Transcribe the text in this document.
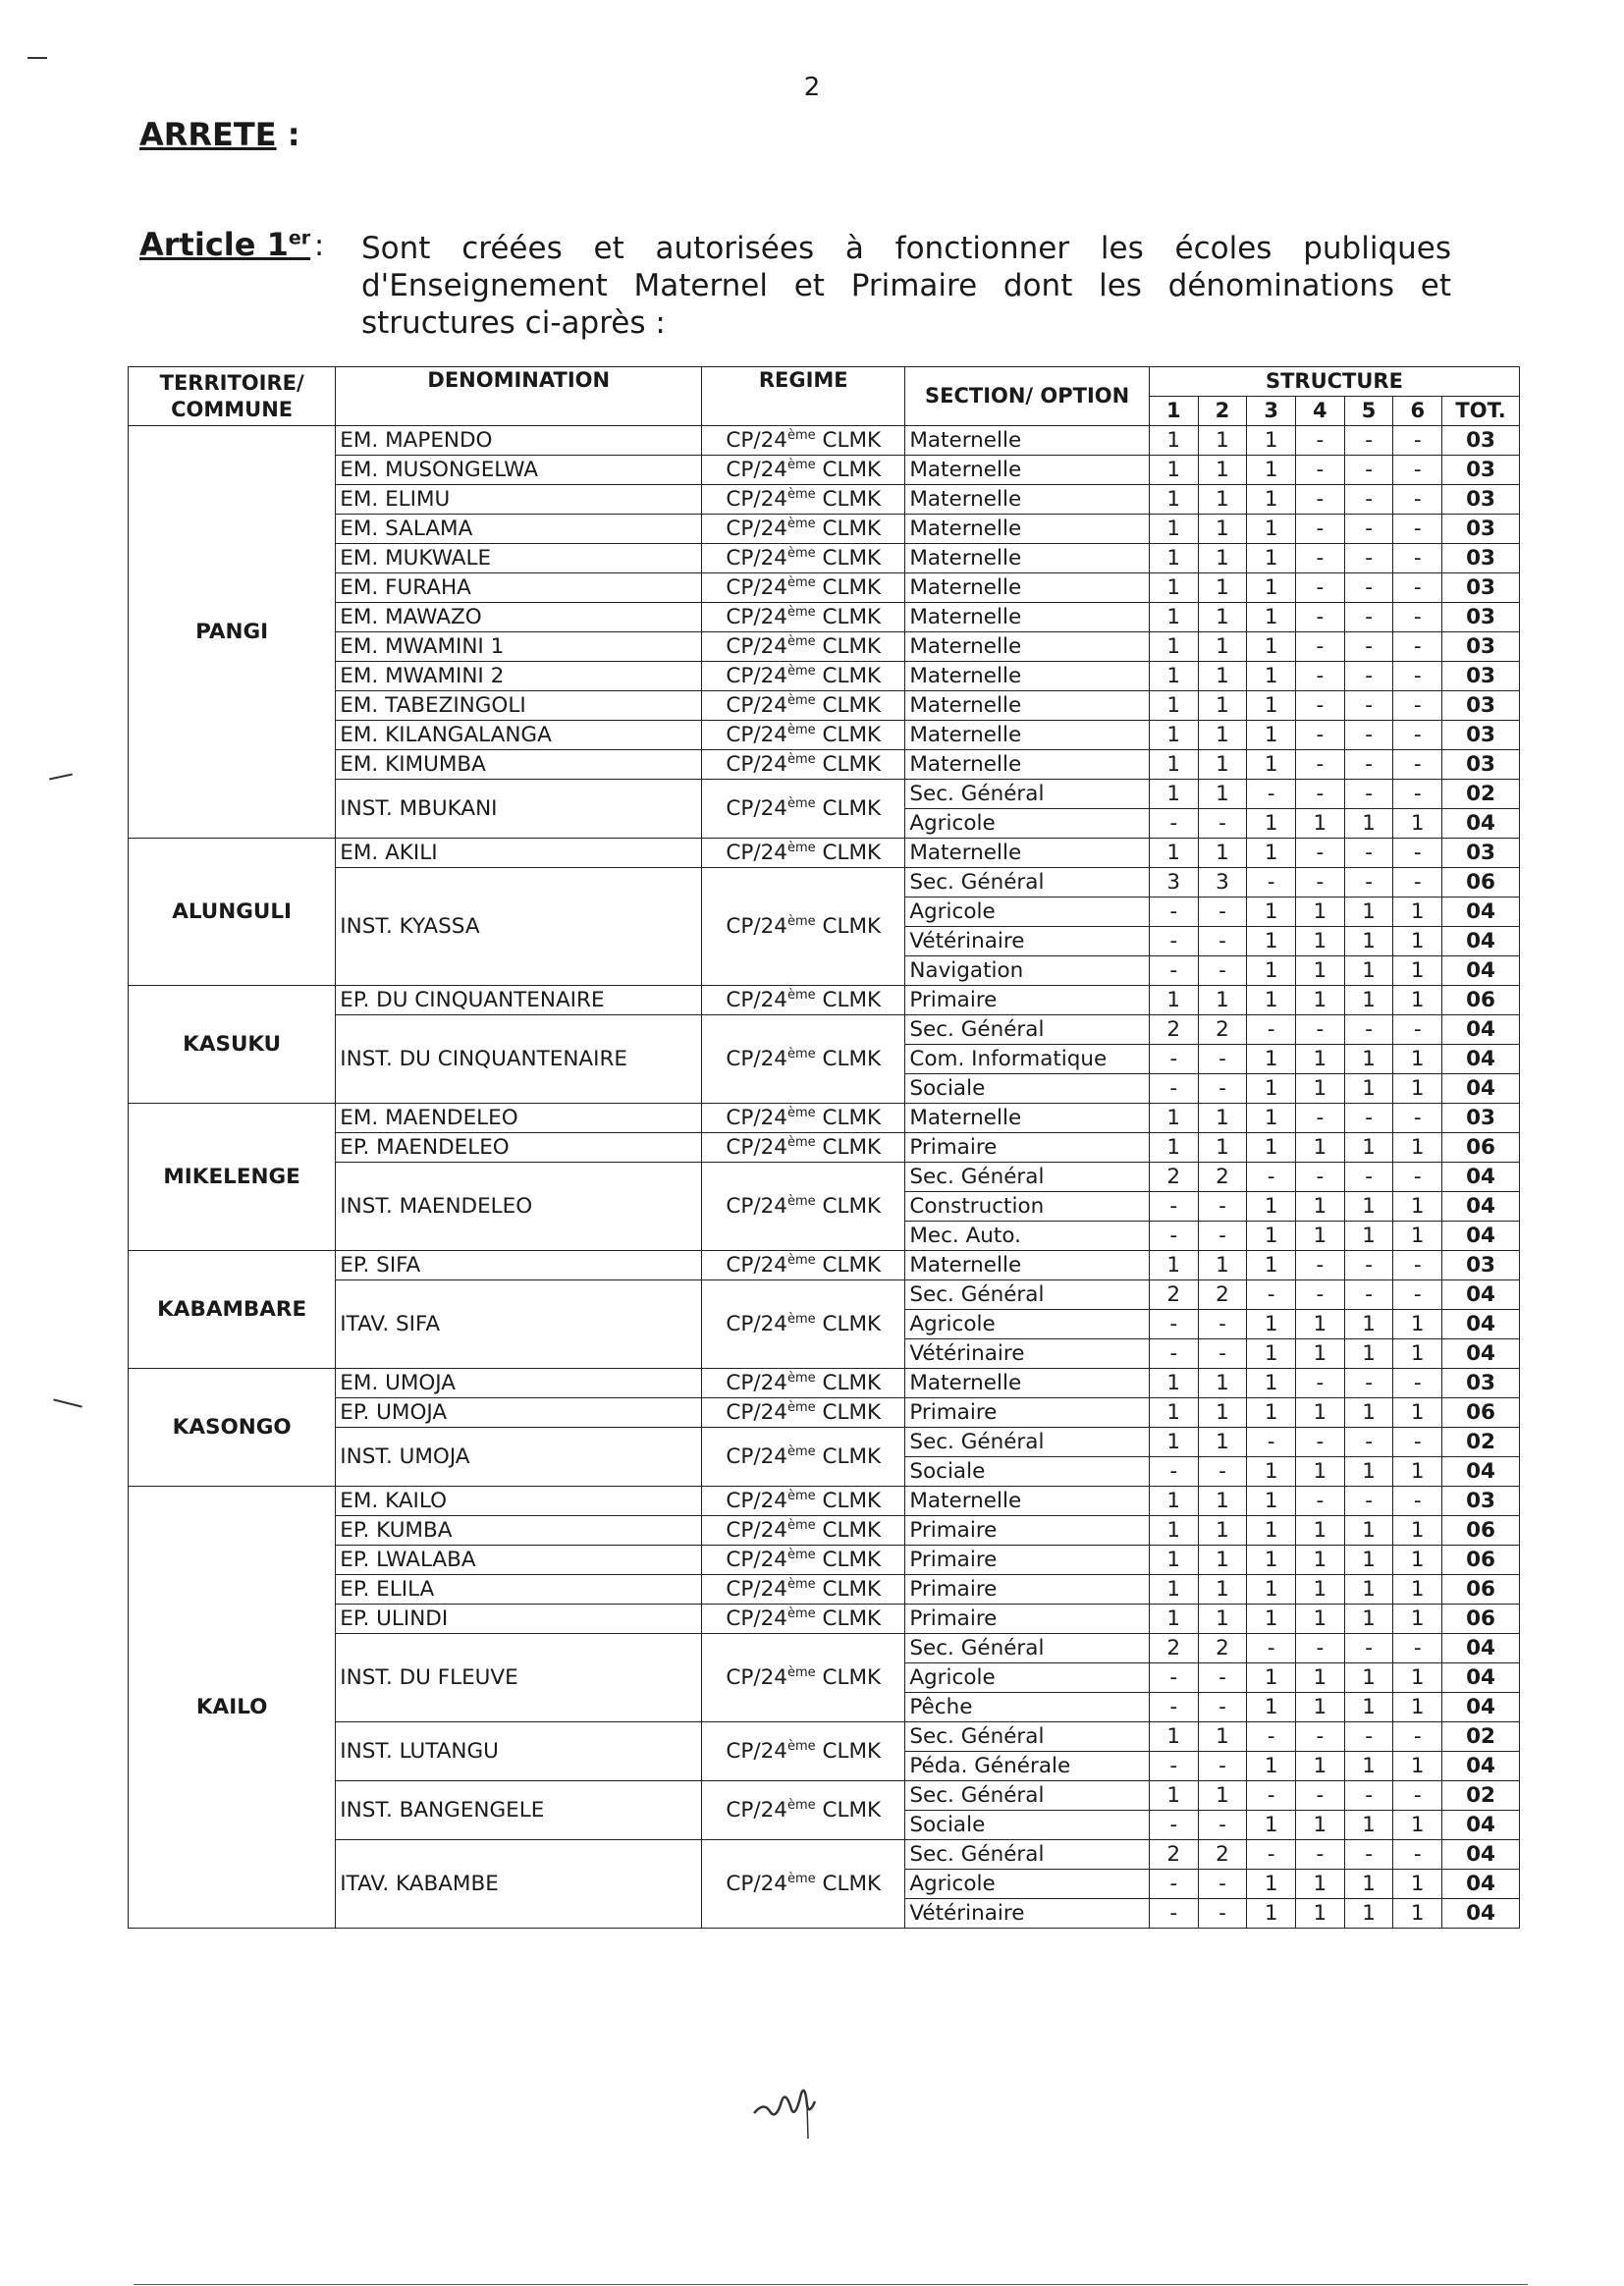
2
ARRETE :
Article 1er : Sont créées et autorisées à fonctionner les écoles publiques d'Enseignement Maternel et Primaire dont les dénominations et structures ci-après :
TERRITOIRE/ COMMUNE	DENOMINATION	REGIME	SECTION/ OPTION	STRUCTURE						
				1	2	3	4	5	6	TOT.
PANGI	EM. MAPENDO	CP/24ème CLMK	Maternelle	1	1	1	-	-	-	03
	EM. MUSONGELWA	CP/24ème CLMK	Maternelle	1	1	1	-	-	-	03
	EM. ELIMU	CP/24ème CLMK	Maternelle	1	1	1	-	-	-	03
	EM. SALAMA	CP/24ème CLMK	Maternelle	1	1	1	-	-	-	03
	EM. MUKWALE	CP/24ème CLMK	Maternelle	1	1	1	-	-	-	03
	EM. FURAHA	CP/24ème CLMK	Maternelle	1	1	1	-	-	-	03
	EM. MAWAZO	CP/24ème CLMK	Maternelle	1	1	1	-	-	-	03
	EM. MWAMINI 1	CP/24ème CLMK	Maternelle	1	1	1	-	-	-	03
	EM. MWAMINI 2	CP/24ème CLMK	Maternelle	1	1	1	-	-	-	03
	EM. TABEZINGOLI	CP/24ème CLMK	Maternelle	1	1	1	-	-	-	03
	EM. KILANGALANGA	CP/24ème CLMK	Maternelle	1	1	1	-	-	-	03
	EM. KIMUMBA	CP/24ème CLMK	Maternelle	1	1	1	-	-	-	03
	INST. MBUKANI	CP/24ème CLMK	Sec. Général	1	1	-	-	-	-	02
			Agricole	-	-	1	1	1	1	04
ALUNGULI	EM. AKILI	CP/24ème CLMK	Maternelle	1	1	1	-	-	-	03
	INST. KYASSA	CP/24ème CLMK	Sec. Général	3	3	-	-	-	-	06
			Agricole	-	-	1	1	1	1	04
			Vétérinaire	-	-	1	1	1	1	04
			Navigation	-	-	1	1	1	1	04
KASUKU	EP. DU CINQUANTENAIRE	CP/24ème CLMK	Primaire	1	1	1	1	1	1	06
	INST. DU CINQUANTENAIRE	CP/24ème CLMK	Sec. Général	2	2	-	-	-	-	04
			Com. Informatique	-	-	1	1	1	1	04
			Sociale	-	-	1	1	1	1	04
MIKELENGE	EM. MAENDELEO	CP/24ème CLMK	Maternelle	1	1	1	-	-	-	03
	EP. MAENDELEO	CP/24ème CLMK	Primaire	1	1	1	1	1	1	06
	INST. MAENDELEO	CP/24ème CLMK	Sec. Général	2	2	-	-	-	-	04
			Construction	-	-	1	1	1	1	04
			Mec. Auto.	-	-	1	1	1	1	04
KABAMBARE	EP. SIFA	CP/24ème CLMK	Maternelle	1	1	1	-	-	-	03
	ITAV. SIFA	CP/24ème CLMK	Sec. Général	2	2	-	-	-	-	04
			Agricole	-	-	1	1	1	1	04
			Vétérinaire	-	-	1	1	1	1	04
KASONGO	EM. UMOJA	CP/24ème CLMK	Maternelle	1	1	1	-	-	-	03
	EP. UMOJA	CP/24ème CLMK	Primaire	1	1	1	1	1	1	06
	INST. UMOJA	CP/24ème CLMK	Sec. Général	1	1	-	-	-	-	02
			Sociale	-	-	1	1	1	1	04
KAILO	EM. KAILO	CP/24ème CLMK	Maternelle	1	1	1	-	-	-	03
	EP. KUMBA	CP/24ème CLMK	Primaire	1	1	1	1	1	1	06
	EP. LWALABA	CP/24ème CLMK	Primaire	1	1	1	1	1	1	06
	EP. ELILA	CP/24ème CLMK	Primaire	1	1	1	1	1	1	06
	EP. ULINDI	CP/24ème CLMK	Primaire	1	1	1	1	1	1	06
	INST. DU FLEUVE	CP/24ème CLMK	Sec. Général	2	2	-	-	-	-	04
			Agricole	-	-	1	1	1	1	04
			Pêche	-	-	1	1	1	1	04
	INST. LUTANGU	CP/24ème CLMK	Sec. Général	1	1	-	-	-	-	02
			Péda. Générale	-	-	1	1	1	1	04
	INST. BANGENGELE	CP/24ème CLMK	Sec. Général	1	1	-	-	-	-	02
			Sociale	-	-	1	1	1	1	04
	ITAV. KABAMBE	CP/24ème CLMK	Sec. Général	2	2	-	-	-	-	04
			Agricole	-	-	1	1	1	1	04
			Vétérinaire	-	-	1	1	1	1	04
